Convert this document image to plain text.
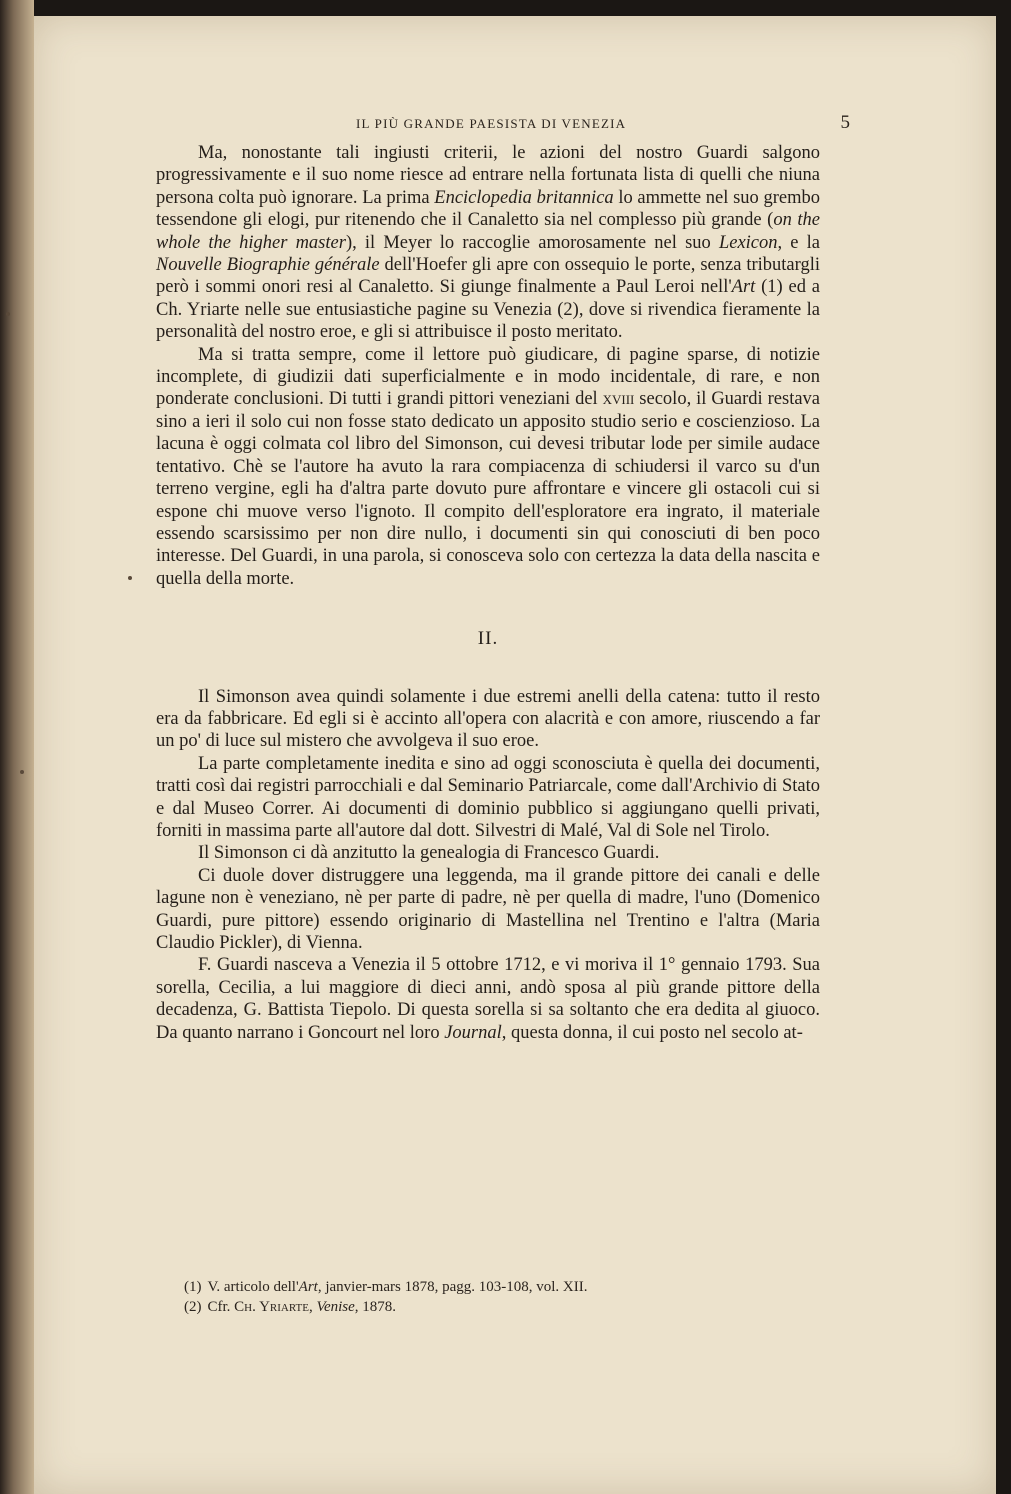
IL PIÙ GRANDE PAESISTA DI VENEZIA	5

Ma, nonostante tali ingiusti criterii, le azioni del nostro Guardi salgono progressivamente e il suo nome riesce ad entrare nella fortunata lista di quelli che niuna persona colta può ignorare. La prima Enciclopedia britannica lo ammette nel suo grembo tessendone gli elogi, pur ritenendo che il Canaletto sia nel complesso più grande (on the whole the higher master), il Meyer lo raccoglie amorosamente nel suo Lexicon, e la Nouvelle Biographie générale dell'Hoefer gli apre con ossequio le porte, senza tributargli però i sommi onori resi al Canaletto. Si giunge finalmente a Paul Leroi nell'Art (1) ed a Ch. Yriarte nelle sue entusiastiche pagine su Venezia (2), dove si rivendica fieramente la personalità del nostro eroe, e gli si attribuisce il posto meritato.

Ma si tratta sempre, come il lettore può giudicare, di pagine sparse, di notizie incomplete, di giudizii dati superficialmente e in modo incidentale, di rare, e non ponderate conclusioni. Di tutti i grandi pittori veneziani del xviii secolo, il Guardi restava sino a ieri il solo cui non fosse stato dedicato un apposito studio serio e coscienzioso. La lacuna è oggi colmata col libro del Simonson, cui devesi tributar lode per simile audace tentativo. Chè se l'autore ha avuto la rara compiacenza di schiudersi il varco su d'un terreno vergine, egli ha d'altra parte dovuto pure affrontare e vincere gli ostacoli cui si espone chi muove verso l'ignoto. Il compito dell'esploratore era ingrato, il materiale essendo scarsissimo per non dire nullo, i documenti sin qui conosciuti di ben poco interesse. Del Guardi, in una parola, si conosceva solo con certezza la data della nascita e quella della morte.

II.

Il Simonson avea quindi solamente i due estremi anelli della catena: tutto il resto era da fabbricare. Ed egli si è accinto all'opera con alacrità e con amore, riuscendo a far un po' di luce sul mistero che avvolgeva il suo eroe.

La parte completamente inedita e sino ad oggi sconosciuta è quella dei documenti, tratti così dai registri parrocchiali e dal Seminario Patriarcale, come dall'Archivio di Stato e dal Museo Correr. Ai documenti di dominio pubblico si aggiungano quelli privati, forniti in massima parte all'autore dal dott. Silvestri di Malé, Val di Sole nel Tirolo.

Il Simonson ci dà anzitutto la genealogia di Francesco Guardi.

Ci duole dover distruggere una leggenda, ma il grande pittore dei canali e delle lagune non è veneziano, nè per parte di padre, nè per quella di madre, l'uno (Domenico Guardi, pure pittore) essendo originario di Mastellina nel Trentino e l'altra (Maria Claudio Pickler), di Vienna.

F. Guardi nasceva a Venezia il 5 ottobre 1712, e vi moriva il 1° gennaio 1793. Sua sorella, Cecilia, a lui maggiore di dieci anni, andò sposa al più grande pittore della decadenza, G. Battista Tiepolo. Di questa sorella si sa soltanto che era dedita al giuoco. Da quanto narrano i Goncourt nel loro Journal, questa donna, il cui posto nel secolo at-

(1) V. articolo dell'Art, janvier-mars 1878, pagg. 103-108, vol. XII.

(2) Cfr. Ch. Yriarte, Venise, 1878.
